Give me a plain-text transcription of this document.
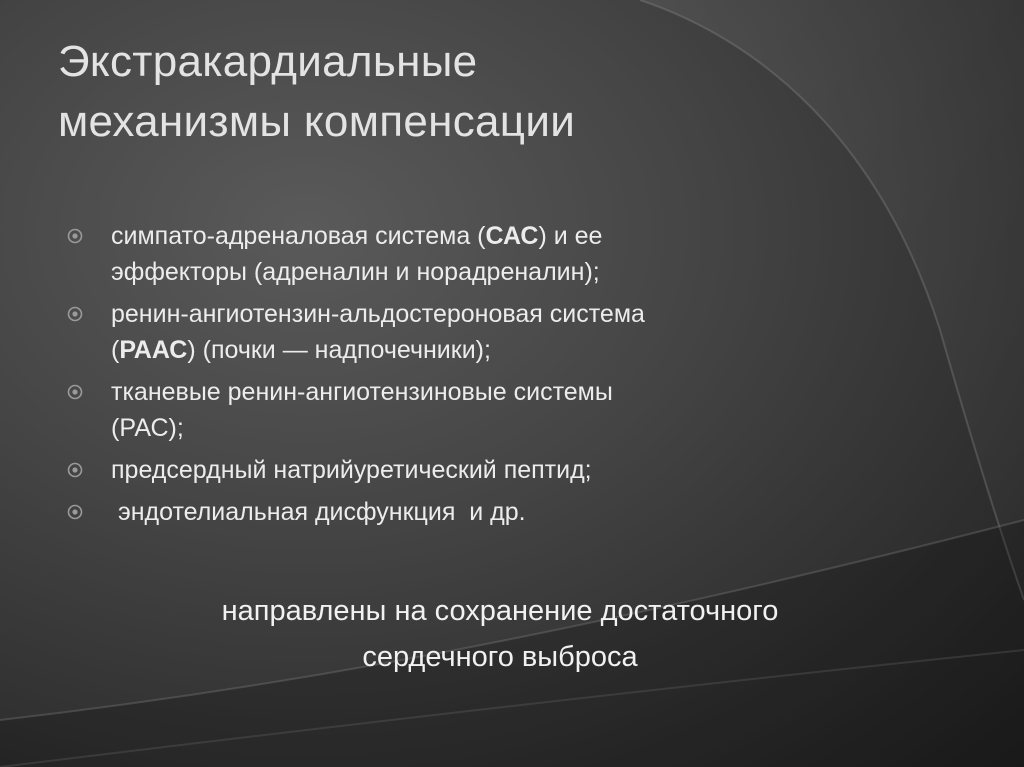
Экстракардиальные
механизмы компенсации
симпато-адреналовая система (САС) и ее
эффекторы (адреналин и норадреналин);
ренин-ангиотензин-альдостероновая система
(РААС) (почки — надпочечники);
тканевые ренин-ангиотензиновые системы
(РАС);
предсердный натрийуретический пептид;
эндотелиальная дисфункция  и др.
направлены на сохранение достаточного
сердечного выброса
